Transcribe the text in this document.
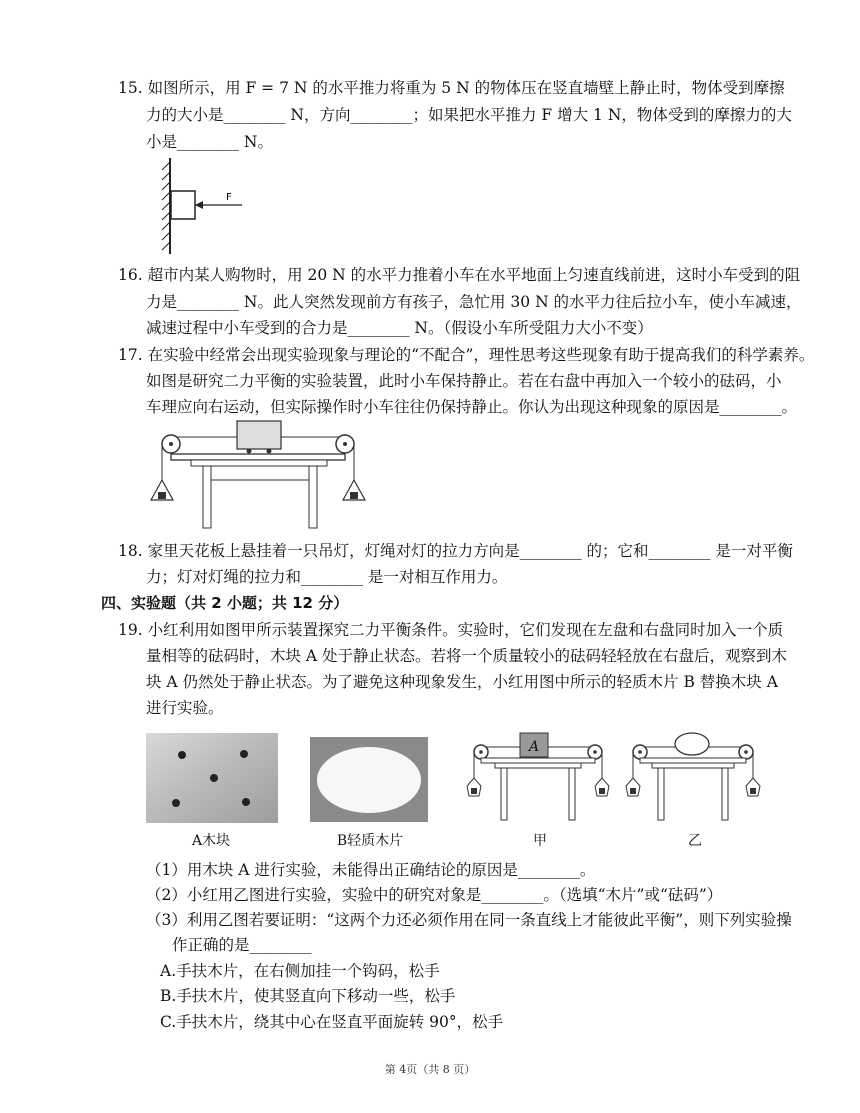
15. 如图所示，用 F = 7 N 的水平推力将重为 5 N 的物体压在竖直墙壁上静止时，物体受到摩擦
力的大小是________ N，方向________；如果把水平推力 F 增大 1 N，物体受到的摩擦力的大
小是________ N。
F
16. 超市内某人购物时，用 20 N 的水平力推着小车在水平地面上匀速直线前进，这时小车受到的阻
力是________ N。此人突然发现前方有孩子，急忙用 30 N 的水平力往后拉小车，使小车减速，
减速过程中小车受到的合力是________ N。（假设小车所受阻力大小不变）
17. 在实验中经常会出现实验现象与理论的“不配合”，理性思考这些现象有助于提高我们的科学素养。
如图是研究二力平衡的实验装置，此时小车保持静止。若在右盘中再加入一个较小的砝码，小
车理应向右运动，但实际操作时小车往往仍保持静止。你认为出现这种现象的原因是________。
18. 家里天花板上悬挂着一只吊灯，灯绳对灯的拉力方向是________ 的；它和________ 是一对平衡
力；灯对灯绳的拉力和________ 是一对相互作用力。
四、实验题（共 2 小题；共 12 分）
19. 小红利用如图甲所示装置探究二力平衡条件。实验时，它们发现在左盘和右盘同时加入一个质
量相等的砝码时，木块 A 处于静止状态。若将一个质量较小的砝码轻轻放在右盘后，观察到木
块 A 仍然处于静止状态。为了避免这种现象发生，小红用图中所示的轻质木片 B 替换木块 A
进行实验。
A
A木块	B轻质木片	甲	乙
（1）用木块 A 进行实验，未能得出正确结论的原因是________。
（2）小红用乙图进行实验，实验中的研究对象是________。（选填“木片”或“砝码”）
（3）利用乙图若要证明：“这两个力还必须作用在同一条直线上才能彼此平衡”，则下列实验操
作正确的是________
A.手扶木片，在右侧加挂一个钩码，松手
B.手扶木片，使其竖直向下移动一些，松手
C.手扶木片，绕其中心在竖直平面旋转 90°，松手
第 4页（共 8 页）
